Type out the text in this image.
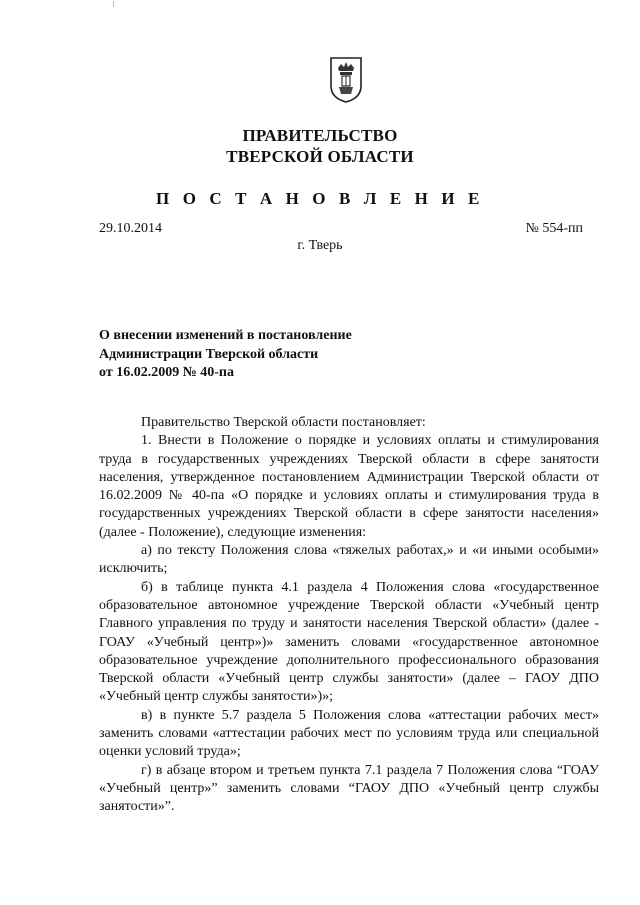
ПРАВИТЕЛЬСТВО
ТВЕРСКОЙ ОБЛАСТИ
П О С Т А Н О В Л Е Н И Е
29.10.2014	№ 554-пп
г. Тверь
О внесении изменений в постановление
Администрации Тверской области
от 16.02.2009 № 40-па

Правительство Тверской области постановляет:

1. Внести в Положение о порядке и условиях оплаты и стимулирования труда в государственных учреждениях Тверской области в сфере занятости населения, утвержденное постановлением Администрации Тверской области от 16.02.2009 № 40-па «О порядке и условиях оплаты и стимулирования труда в государственных учреждениях Тверской области в сфере занятости населения» (далее - Положение), следующие изменения:

а) по тексту Положения слова «тяжелых работах,» и «и иными особыми» исключить;

б) в таблице пункта 4.1 раздела 4 Положения слова «государственное образовательное автономное учреждение Тверской области «Учебный центр Главного управления по труду и занятости населения Тверской области» (далее - ГОАУ «Учебный центр»)» заменить словами «государственное автономное образовательное учреждение дополнительного профессионального образования Тверской области «Учебный центр службы занятости» (далее – ГАОУ ДПО «Учебный центр службы занятости»)»;

в) в пункте 5.7 раздела 5 Положения слова «аттестации рабочих мест» заменить словами «аттестации рабочих мест по условиям труда или специальной оценки условий труда»;

г) в абзаце втором и третьем пункта 7.1 раздела 7 Положения слова “ГОАУ «Учебный центр»” заменить словами “ГАОУ ДПО «Учебный центр службы занятости»”.
